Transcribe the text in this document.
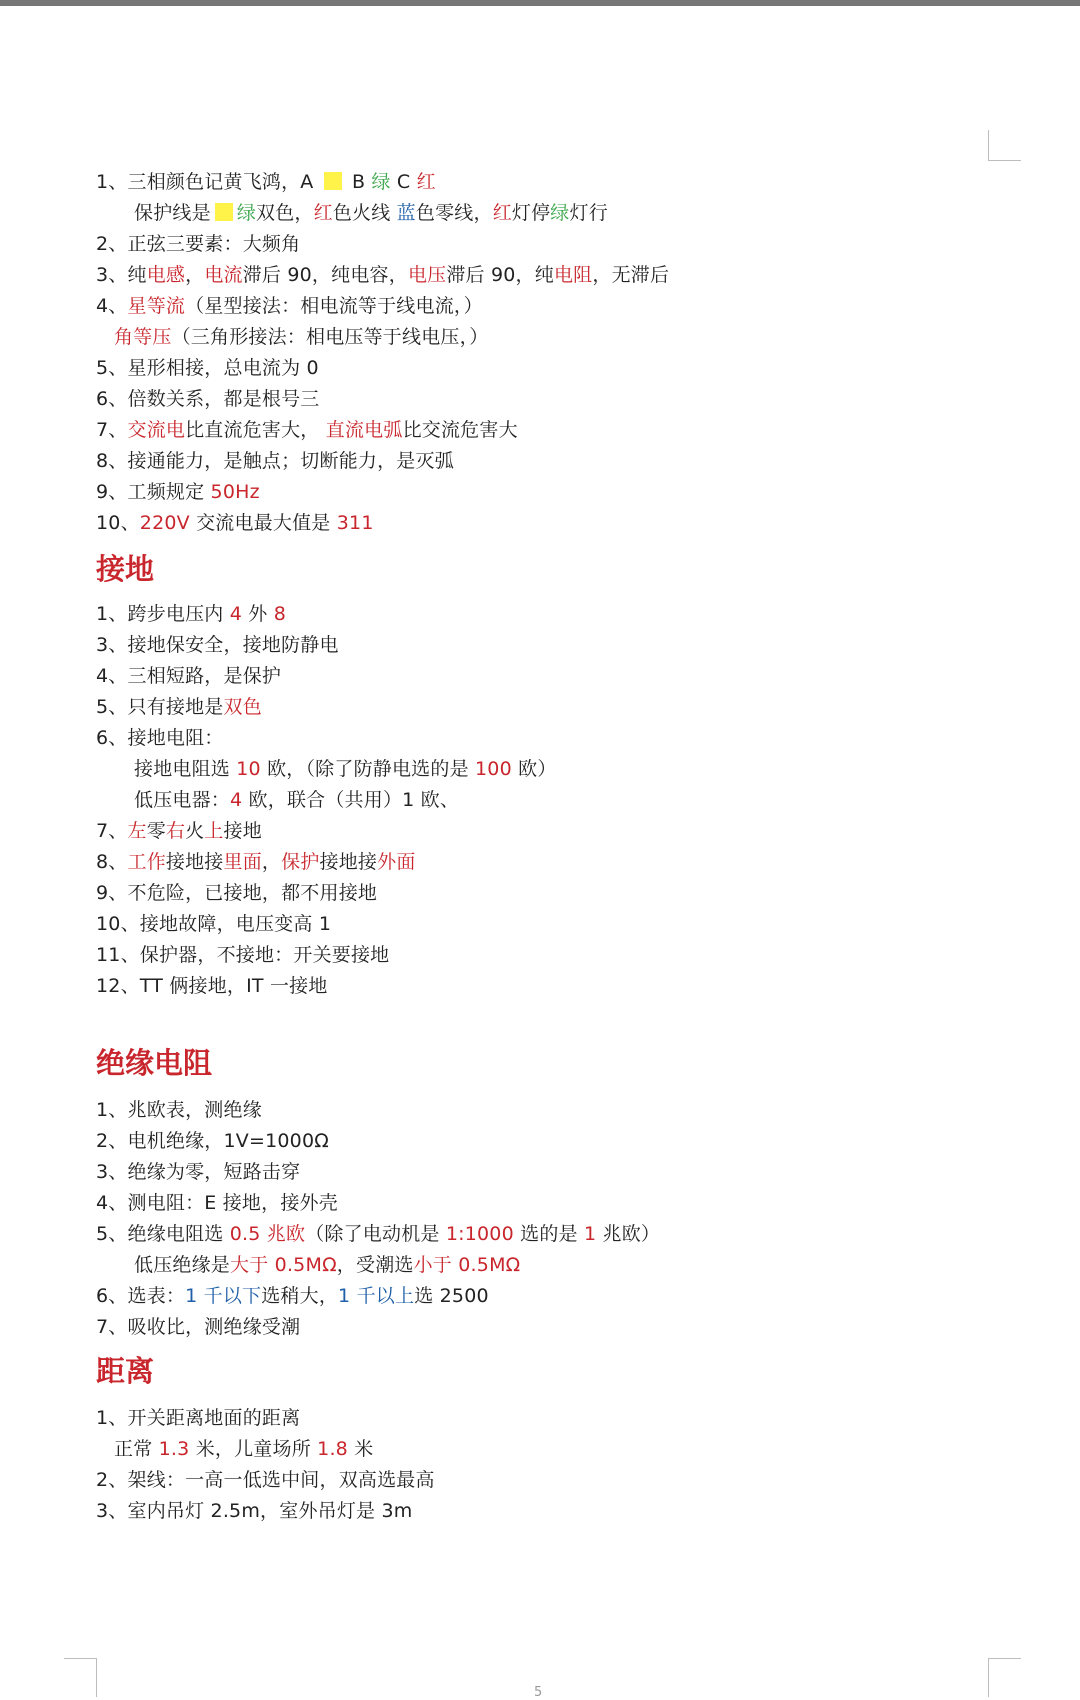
5
1、三相颜色记黄飞鸿，A  B 绿 C 红
保护线是 绿双色，红色火线 蓝色零线，红灯停绿灯行
2、正弦三要素：大频角
3、纯电感，电流滞后 90，纯电容，电压滞后 90，纯电阻，无滞后
4、星等流（星型接法：相电流等于线电流，）
角等压（三角形接法：相电压等于线电压，）
5、星形相接，总电流为 0
6、倍数关系，都是根号三
7、交流电比直流危害大， 直流电弧比交流危害大
8、接通能力，是触点；切断能力，是灭弧
9、工频规定 50Hz
10、220V 交流电最大值是 311
接地
1、跨步电压内 4 外 8
3、接地保安全，接地防静电
4、三相短路，是保护
5、只有接地是双色
6、接地电阻：
接地电阻选 10 欧，（除了防静电选的是 100 欧）
低压电器：4 欧，联合（共用）1 欧、
7、左零右火上接地
8、工作接地接里面，保护接地接外面
9、不危险，已接地，都不用接地
10、接地故障，电压变高 1
11、保护器，不接地：开关要接地
12、TT 俩接地，IT 一接地
绝缘电阻
1、兆欧表，测绝缘
2、电机绝缘，1V=1000Ω
3、绝缘为零，短路击穿
4、测电阻：E 接地，接外壳
5、绝缘电阻选 0.5 兆欧（除了电动机是 1:1000 选的是 1 兆欧）
低压绝缘是大于 0.5MΩ，受潮选小于 0.5MΩ
6、选表：1 千以下选稍大，1 千以上选 2500
7、吸收比，测绝缘受潮
距离
1、开关距离地面的距离
正常 1.3 米，儿童场所 1.8 米
2、架线：一高一低选中间，双高选最高
3、室内吊灯 2.5m，室外吊灯是 3m
